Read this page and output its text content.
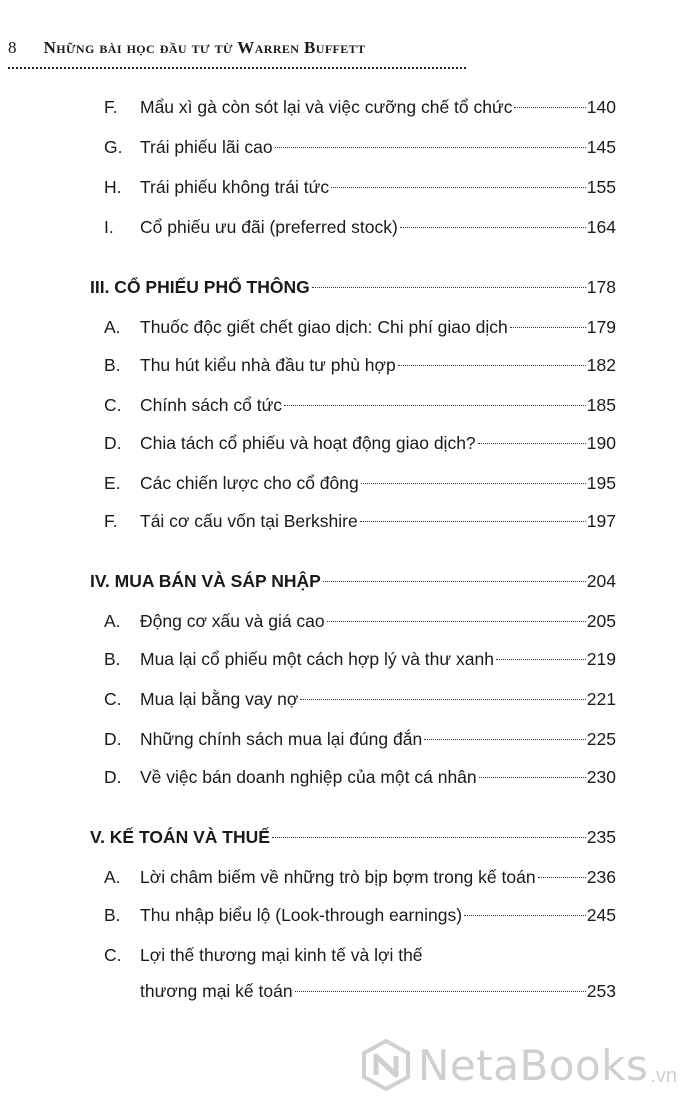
8 Những bài học đầu tư từ Warren Buffett
F. Mẩu xì gà còn sót lại và việc cưỡng chế tổ chức	140
G. Trái phiếu lãi cao	145
H. Trái phiếu không trái tức	155
I. Cổ phiếu ưu đãi (preferred stock)	164
III. CỔ PHIẾU PHỔ THÔNG	178
A. Thuốc độc giết chết giao dịch: Chi phí giao dịch	179
B. Thu hút kiểu nhà đầu tư phù hợp	182
C. Chính sách cổ tức	185
D. Chia tách cổ phiếu và hoạt động giao dịch?	190
E. Các chiến lược cho cổ đông	195
F. Tái cơ cấu vốn tại Berkshire	197
IV. MUA BÁN VÀ SÁP NHẬP	204
A. Động cơ xấu và giá cao	205
B. Mua lại cổ phiếu một cách hợp lý và thư xanh	219
C. Mua lại bằng vay nợ	221
D. Những chính sách mua lại đúng đắn	225
D. Về việc bán doanh nghiệp của một cá nhân	230
V. KẾ TOÁN VÀ THUẾ	235
A. Lời châm biếm về những trò bịp bợm trong kế toán	236
B. Thu nhập biểu lộ (Look-through earnings)	245
C. Lợi thế thương mại kinh tế và lợi thế
thương mại kế toán	253
NetaBooks .vn
